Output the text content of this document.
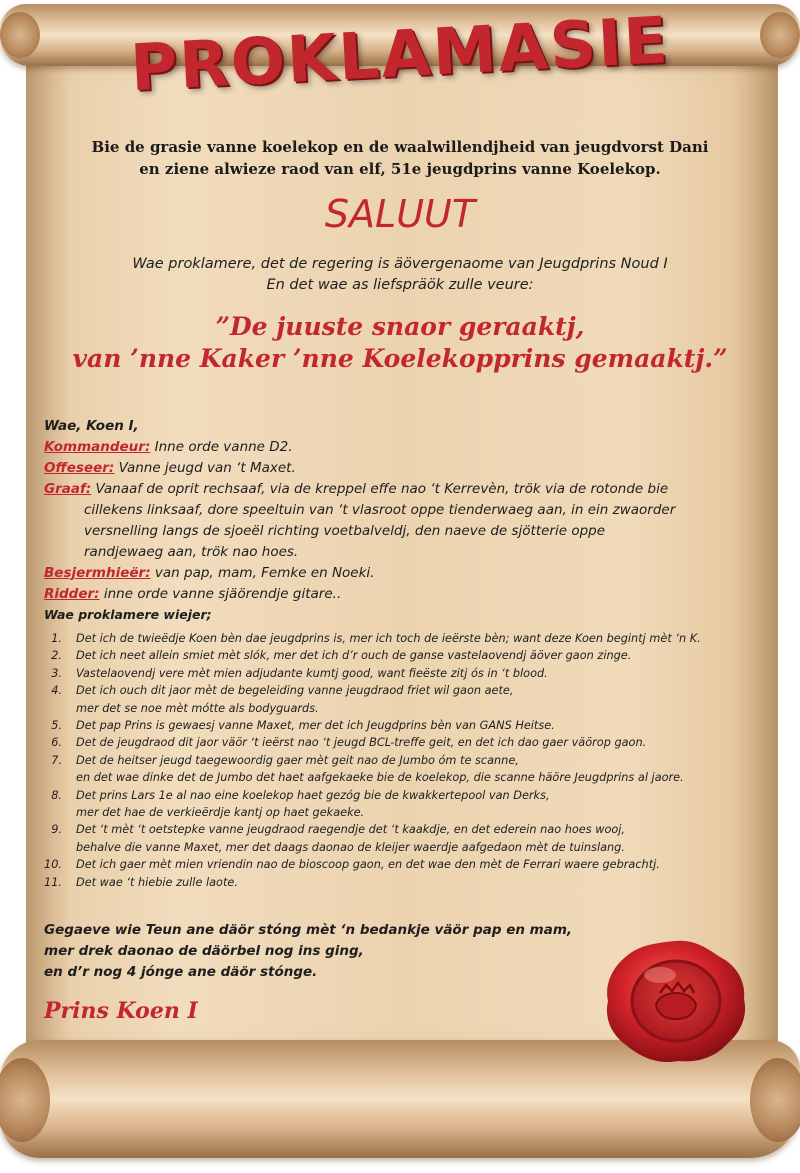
PROKLAMASIE
Bie de grasie vanne koelekop en de waalwillendjheid van jeugdvorst Dani
en ziene alwieze raod van elf, 51e jeugdprins vanne Koelekop.
SALUUT
Wae proklamere, det de regering is äövergenaome van Jeugdprins Noud I
En det wae as liefspräök zulle veure:
”De juuste snaor geraaktj,
van ’nne Kaker ’nne Koelekopprins gemaaktj.”

Wae, Koen I,

Kommandeur: Inne orde vanne D2.

Offeseer: Vanne jeugd van ‘t Maxet.

Graaf: Vanaaf de oprit rechsaaf, via de kreppel effe nao ‘t Kerrevèn, trök via de rotonde bie

cillekens linksaaf, dore speeltuin van ‘t vlasroot oppe tienderwaeg aan, in ein zwaorder

versnelling langs de sjoeël richting voetbalveldj, den naeve de sjötterie oppe

randjewaeg aan, trök nao hoes.

Besjermhieër: van pap, mam, Femke en Noeki.

Ridder: inne orde vanne sjäörendje gitare..

Wae proklamere wiejer;
1.	Det ich de twieëdje Koen bèn dae jeugdprins is, mer ich toch de ieërste bèn; want deze Koen begintj mèt ‘n K.
2.	Det ich neet allein smiet mèt slók, mer det ich d’r ouch de ganse vastelaovendj äöver gaon zinge.
3.	Vastelaovendj vere mèt mien adjudante kumtj good, want fieëste zitj ós in ‘t blood.
4.	Det ich ouch dit jaor mèt de begeleiding vanne jeugdraod friet wil gaon aete,
mer det se noe mèt mótte als bodyguards.
5.	Det pap Prins is gewaesj vanne Maxet, mer det ich Jeugdprins bèn van GANS Heitse.
6.	Det de jeugdraod dit jaor väör ‘t ieërst nao ‘t jeugd BCL-treffe geit, en det ich dao gaer väörop gaon.
7.	Det de heitser jeugd taegewoordig gaer mèt geit nao de Jumbo óm te scanne,
en det wae dinke det de Jumbo det haet aafgekaeke bie de koelekop, die scanne häöre Jeugdprins al jaore.
8.	Det prins Lars 1e al nao eine koelekop haet gezóg bie de kwakkertepool van Derks,
mer det hae de verkieërdje kantj op haet gekaeke.
9.	Det ‘t mèt ‘t oetstepke vanne jeugdraod raegendje det ‘t kaakdje, en det ederein nao hoes wooj,
behalve die vanne Maxet, mer det daags daonao de kleijer waerdje aafgedaon mèt de tuinslang.
10.	Det ich gaer mèt mien vriendin nao de bioscoop gaon, en det wae den mèt de Ferrari waere gebrachtj.
11.	Det wae ‘t hiebie zulle laote.
Gegaeve wie Teun ane däör stóng mèt ‘n bedankje väör pap en mam,
mer drek daonao de däörbel nog ins ging,
en d’r nog 4 jónge ane däör stónge.
Prins Koen I
